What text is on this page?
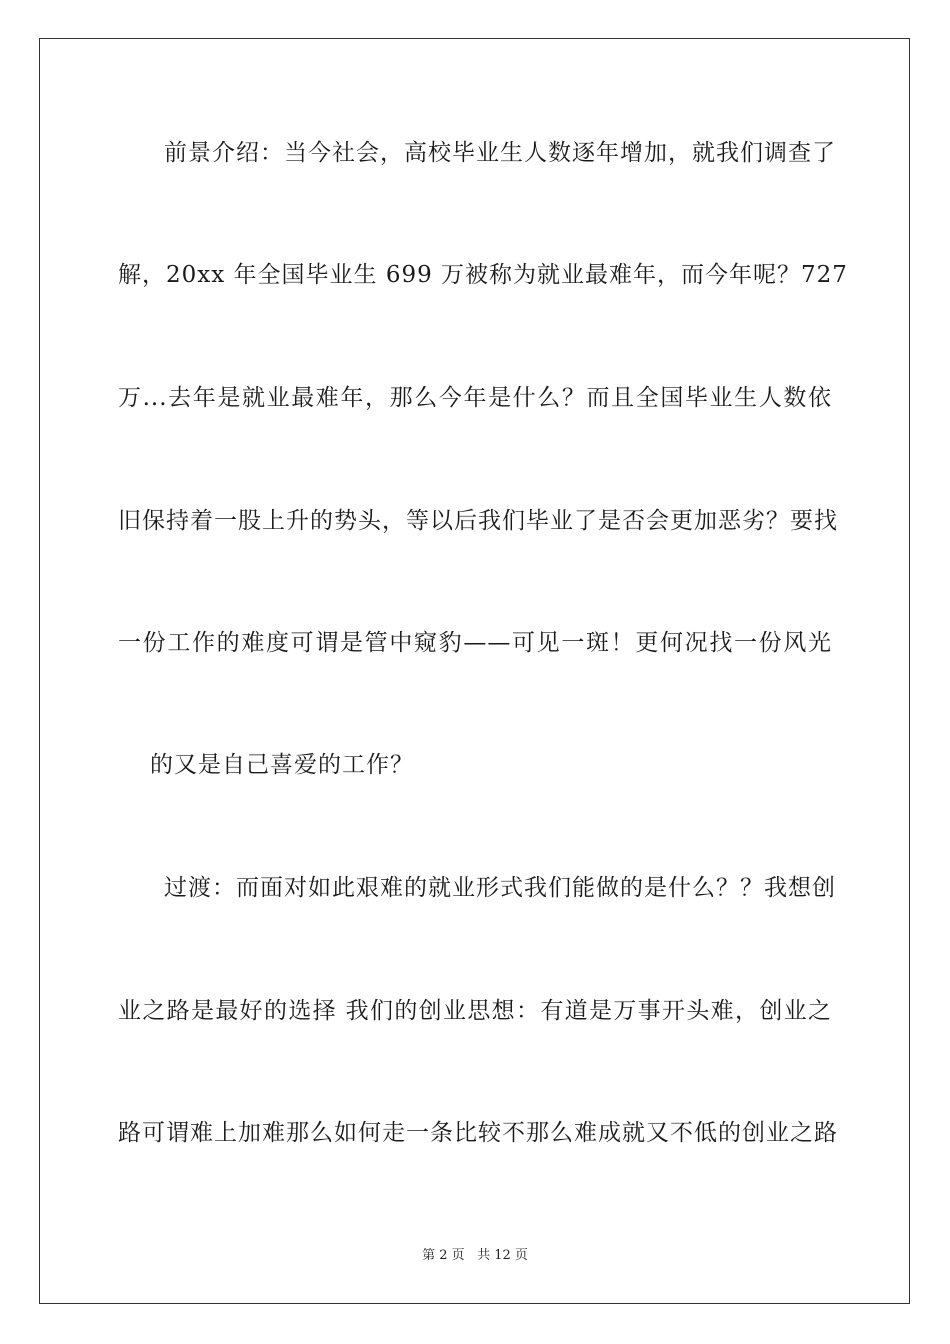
前景介绍：当今社会，高校毕业生人数逐年增加，就我们调查了
解，20xx 年全国毕业生 699 万被称为就业最难年，而今年呢？727
万...去年是就业最难年，那么今年是什么？而且全国毕业生人数依
旧保持着一股上升的势头，等以后我们毕业了是否会更加恶劣？要找
一份工作的难度可谓是管中窥豹——可见一斑！更何况找一份风光
的又是自己喜爱的工作？
过渡：而面对如此艰难的就业形式我们能做的是什么？？我想创
业之路是最好的选择 我们的创业思想：有道是万事开头难，创业之
路可谓难上加难那么如何走一条比较不那么难成就又不低的创业之路
第 2 页 共 12 页
